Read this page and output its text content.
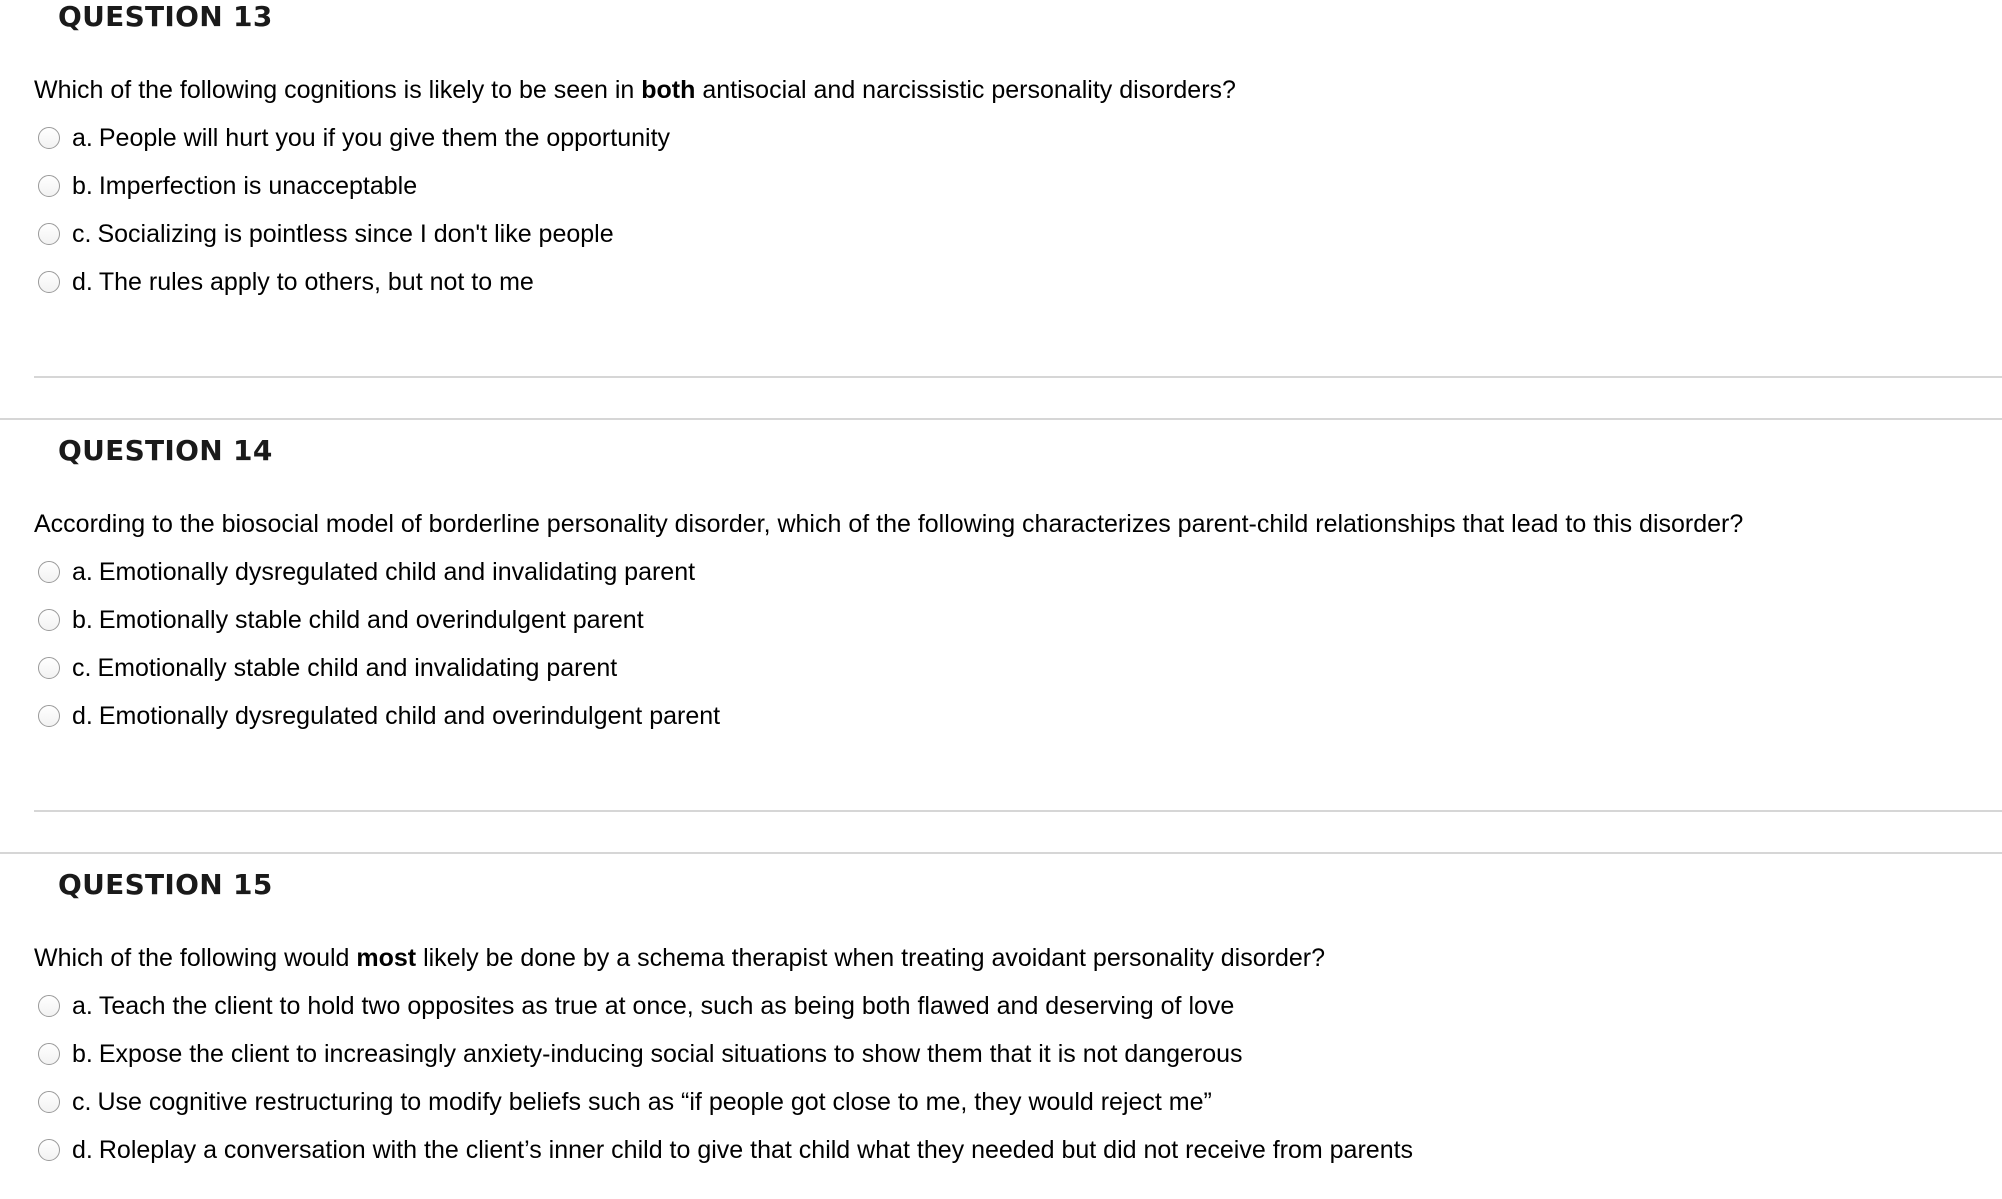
QUESTION 13
Which of the following cognitions is likely to be seen in both antisocial and narcissistic personality disorders?
a. People will hurt you if you give them the opportunity
b. Imperfection is unacceptable
c. Socializing is pointless since I don't like people
d. The rules apply to others, but not to me
QUESTION 14
According to the biosocial model of borderline personality disorder, which of the following characterizes parent-child relationships that lead to this disorder?
a. Emotionally dysregulated child and invalidating parent
b. Emotionally stable child and overindulgent parent
c. Emotionally stable child and invalidating parent
d. Emotionally dysregulated child and overindulgent parent
QUESTION 15
Which of the following would most likely be done by a schema therapist when treating avoidant personality disorder?
a. Teach the client to hold two opposites as true at once, such as being both flawed and deserving of love
b. Expose the client to increasingly anxiety-inducing social situations to show them that it is not dangerous
c. Use cognitive restructuring to modify beliefs such as “if people got close to me, they would reject me”
d. Roleplay a conversation with the client’s inner child to give that child what they needed but did not receive from parents
